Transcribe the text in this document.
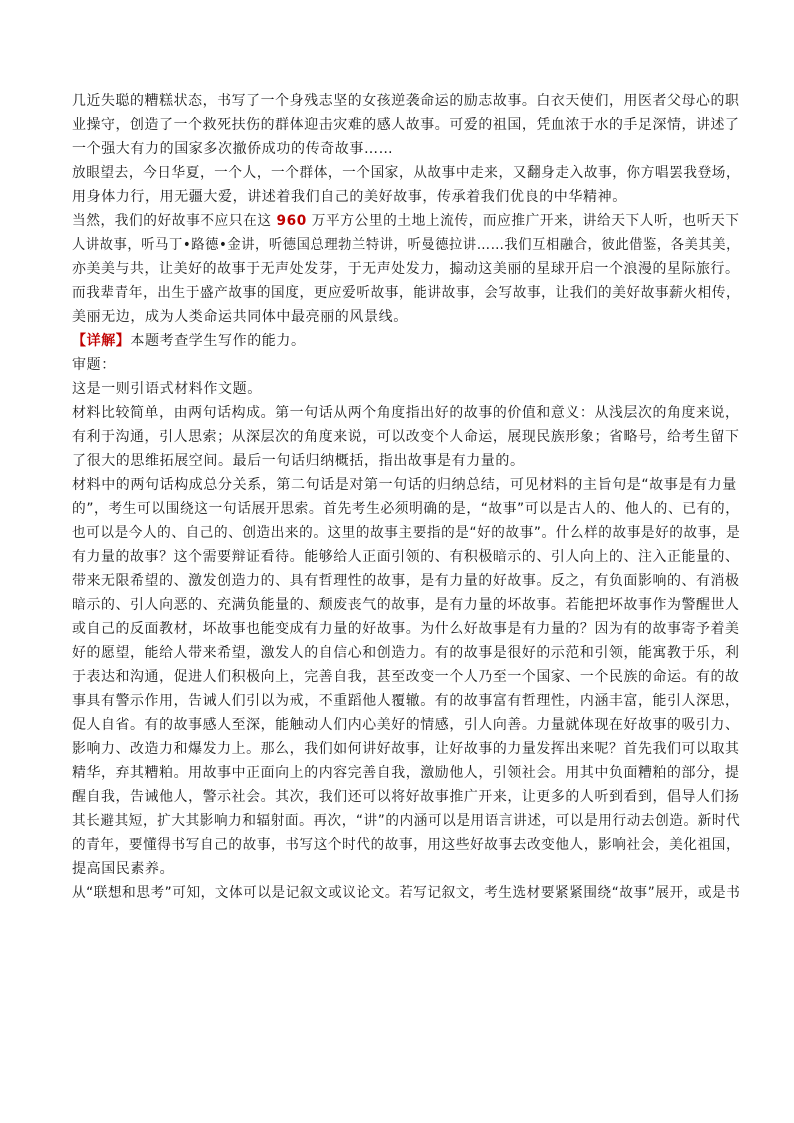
几近失聪的糟糕状态，书写了一个身残志坚的女孩逆袭命运的励志故事。白衣天使们，用医者父母心的职
业操守，创造了一个救死扶伤的群体迎击灾难的感人故事。可爱的祖国，凭血浓于水的手足深情，讲述了
一个强大有力的国家多次撤侨成功的传奇故事……
放眼望去，今日华夏，一个人，一个群体，一个国家，从故事中走来，又翻身走入故事，你方唱罢我登场，
用身体力行，用无疆大爱，讲述着我们自己的美好故事，传承着我们优良的中华精神。
当然，我们的好故事不应只在这 960 万平方公里的土地上流传，而应推广开来，讲给天下人听，也听天下
人讲故事，听马丁•路德•金讲，听德国总理勃兰特讲，听曼德拉讲……我们互相融合，彼此借鉴，各美其美，
亦美美与共，让美好的故事于无声处发芽，于无声处发力，搧动这美丽的星球开启一个浪漫的星际旅行。
而我辈青年，出生于盛产故事的国度，更应爱听故事，能讲故事，会写故事，让我们的美好故事薪火相传，
美丽无边，成为人类命运共同体中最亮丽的风景线。
【详解】本题考查学生写作的能力。
审题：
这是一则引语式材料作文题。
材料比较简单，由两句话构成。第一句话从两个角度指出好的故事的价值和意义：从浅层次的角度来说，
有利于沟通，引人思索；从深层次的角度来说，可以改变个人命运，展现民族形象；省略号，给考生留下
了很大的思维拓展空间。最后一句话归纳概括，指出故事是有力量的。
材料中的两句话构成总分关系，第二句话是对第一句话的归纳总结，可见材料的主旨句是“故事是有力量
的”，考生可以围绕这一句话展开思索。首先考生必须明确的是，“故事”可以是古人的、他人的、已有的，
也可以是今人的、自己的、创造出来的。这里的故事主要指的是“好的故事”。什么样的故事是好的故事，是
有力量的故事？这个需要辩证看待。能够给人正面引领的、有积极暗示的、引人向上的、注入正能量的、
带来无限希望的、激发创造力的、具有哲理性的故事，是有力量的好故事。反之，有负面影响的、有消极
暗示的、引人向恶的、充满负能量的、颓废丧气的故事，是有力量的坏故事。若能把坏故事作为警醒世人
或自己的反面教材，坏故事也能变成有力量的好故事。为什么好故事是有力量的？因为有的故事寄予着美
好的愿望，能给人带来希望，激发人的自信心和创造力。有的故事是很好的示范和引领，能寓教于乐，利
于表达和沟通，促进人们积极向上，完善自我，甚至改变一个人乃至一个国家、一个民族的命运。有的故
事具有警示作用，告诫人们引以为戒，不重蹈他人覆辙。有的故事富有哲理性，内涵丰富，能引人深思，
促人自省。有的故事感人至深，能触动人们内心美好的情感，引人向善。力量就体现在好故事的吸引力、
影响力、改造力和爆发力上。那么，我们如何讲好故事，让好故事的力量发挥出来呢？首先我们可以取其
精华，弃其糟粕。用故事中正面向上的内容完善自我，激励他人，引领社会。用其中负面糟粕的部分，提
醒自我，告诫他人，警示社会。其次，我们还可以将好故事推广开来，让更多的人听到看到，倡导人们扬
其长避其短，扩大其影响力和辐射面。再次，“讲”的内涵可以是用语言讲述，可以是用行动去创造。新时代
的青年，要懂得书写自己的故事，书写这个时代的故事，用这些好故事去改变他人，影响社会，美化祖国，
提高国民素养。
从“联想和思考”可知，文体可以是记叙文或议论文。若写记叙文，考生选材要紧紧围绕“故事”展开，或是书
